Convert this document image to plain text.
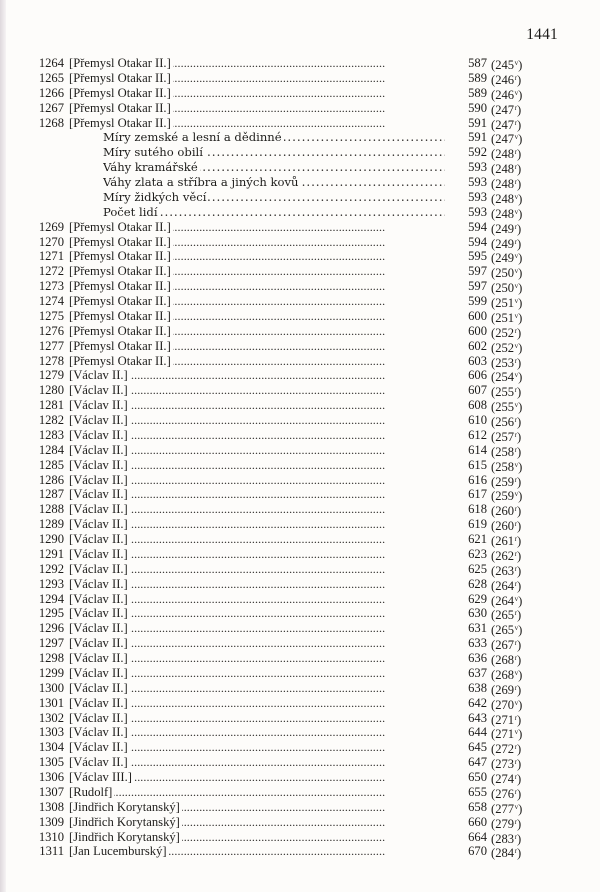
1441
1264 [Přemysl Otakar II.] . . .	587 (245$^v$)
1265 [Přemysl Otakar II.] . . .	589 (246$^r$)
1266 [Přemysl Otakar II.] . . .	589 (246$^v$)
1267 [Přemysl Otakar II.] . . .	590 (247$^r$)
1268 [Přemysl Otakar II.] . . .	591 (247$^r$)
Míry zemské a lesní a dědinné . . .	591 (247$^v$)
Míry sutého obilí . . .	592 (248$^r$)
Váhy kramářské . . .	593 (248$^r$)
Váhy zlata a stříbra a jiných kovů . . .	593 (248$^r$)
Míry židkých věcí . . .	593 (248$^v$)
Počet lidí . . .	593 (248$^v$)
1269 [Přemysl Otakar II.] . . .	594 (249$^r$)
1270 [Přemysl Otakar II.] . . .	594 (249$^r$)
1271 [Přemysl Otakar II.] . . .	595 (249$^v$)
1272 [Přemysl Otakar II.] . . .	597 (250$^v$)
1273 [Přemysl Otakar II.] . . .	597 (250$^v$)
1274 [Přemysl Otakar II.] . . .	599 (251$^v$)
1275 [Přemysl Otakar II.] . . .	600 (251$^v$)
1276 [Přemysl Otakar II.] . . .	600 (252$^r$)
1277 [Přemysl Otakar II.] . . .	602 (252$^v$)
1278 [Přemysl Otakar II.] . . .	603 (253$^r$)
1279 [Václav II.] . . .	606 (254$^v$)
1280 [Václav II.] . . .	607 (255$^r$)
1281 [Václav II.] . . .	608 (255$^v$)
1282 [Václav II.] . . .	610 (256$^r$)
1283 [Václav II.] . . .	612 (257$^r$)
1284 [Václav II.] . . .	614 (258$^r$)
1285 [Václav II.] . . .	615 (258$^v$)
1286 [Václav II.] . . .	616 (259$^r$)
1287 [Václav II.] . . .	617 (259$^v$)
1288 [Václav II.] . . .	618 (260$^r$)
1289 [Václav II.] . . .	619 (260$^r$)
1290 [Václav II.] . . .	621 (261$^r$)
1291 [Václav II.] . . .	623 (262$^r$)
1292 [Václav II.] . . .	625 (263$^r$)
1293 [Václav II.] . . .	628 (264$^r$)
1294 [Václav II.] . . .	629 (264$^v$)
1295 [Václav II.] . . .	630 (265$^r$)
1296 [Václav II.] . . .	631 (265$^v$)
1297 [Václav II.] . . .	633 (267$^r$)
1298 [Václav II.] . . .	636 (268$^r$)
1299 [Václav II.] . . .	637 (268$^v$)
1300 [Václav II.] . . .	638 (269$^r$)
1301 [Václav II.] . . .	642 (270$^v$)
1302 [Václav II.] . . .	643 (271$^r$)
1303 [Václav II.] . . .	644 (271$^v$)
1304 [Václav II.] . . .	645 (272$^r$)
1305 [Václav II.] . . .	647 (273$^r$)
1306 [Václav III.] . . .	650 (274$^r$)
1307 [Rudolf] . . .	655 (276$^r$)
1308 [Jindřich Korytanský] . . .	658 (277$^v$)
1309 [Jindřich Korytanský] . . .	660 (279$^r$)
1310 [Jindřich Korytanský] . . .	664 (283$^r$)
1311 [Jan Lucemburský] . . .	670 (284$^r$)
